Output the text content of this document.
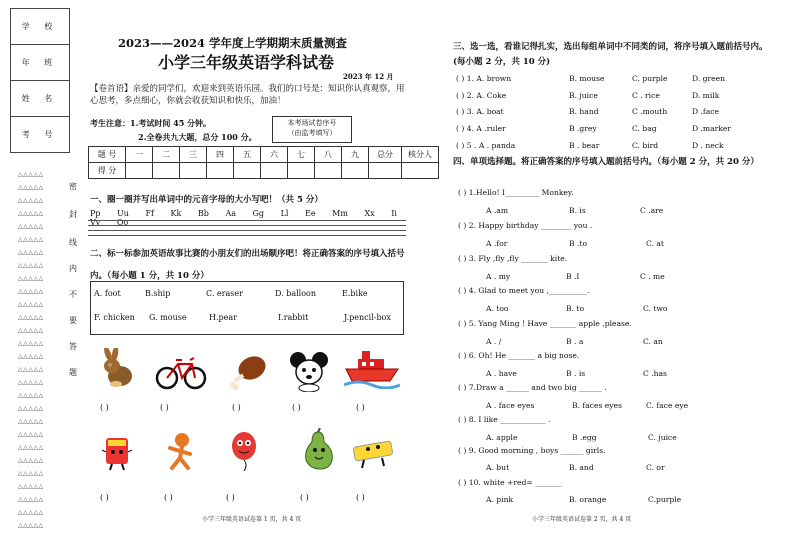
学 校
年 班
姓 名
考 号
△△△△△
△△△△△
△△△△△
△△△△△
△△△△△
△△△△△
△△△△△
△△△△△
△△△△△
△△△△△
△△△△△
△△△△△
△△△△△
△△△△△
△△△△△
△△△△△
△△△△△
△△△△△
△△△△△
△△△△△
△△△△△
△△△△△
△△△△△
△△△△△
△△△△△
△△△△△
△△△△△
△△△△△
密
封
线
内
不
要
答
题
2023——2024 学年度上学期期末质量测查
小学三年级英语学科试卷
2023 年 12 月
【卷首语】亲爱的同学们，欢迎来到英语乐园。我们的口号是：知识你认真观察，用心思考，多点细心，你就会收获知识和快乐，加油！
考生注意：1.考试时间 45 分钟。
2.全卷共九大题，总分 100 分。
本考场试卷序号
（由监考填写）
题 号	一	二	三	四	五	六	七	八	九	总分	核分人
得 分											
一、圈一圈并写出单词中的元音字母的大小写吧！（共 5 分）
Pp Uu Ff Kk Bb Aa Gg Ll Ee Mm Xx Ii Vv Oo
二、标一标参加英语故事比赛的小朋友们的出场顺序吧！将正确答案的序号填入括号内。（每小题 1 分，共 10 分）
A. foot	B.ship	C. eraser	D. balloon	E.bike
F. chicken G. mouse	H.pear	I.rabbit	J.pencil-box
( )	( )	( )	( )	( )
( )	( )	( )	( )	( )
小学三年级英语试卷第 1 页，共 4 页
三、选一选，看谁记得扎实，选出每组单词中不同类的词，将序号填入题前括号内。(每小题 2 分，共 10 分)
( ) 1. A. brown	B. mouse	C. purple	D. green
( ) 2. A. Coke	B. juice	C . rice	D. milk
( ) 3. A. boat	B. hand	C .mouth	D .face
( ) 4. A .ruler	B .grey	C. bag	D .marker
( ) 5 . A . panda	B . bear	C. bird	D . neck
四、单项选择题。将正确答案的序号填入题前括号内。（每小题 2 分，共 20 分）
( ) 1.Hello! I_________ Monkey.
A .am	B. is	C .are
( ) 2. Happy birthday ________ you .
A .for	B .to	C. at
( ) 3. Fly ,fly ,fly _______ kite.
A . my	B .I	C . me
( ) 4. Glad to meet you ,__________.
A. too	B. to	C. two
( ) 5. Yang Ming ! Have _______ apple ,please.
A . /	B . a	C. an
( ) 6. Oh! He _______ a big nose.
A . have	B . is	C .has
( ) 7.Draw a ______ and two big ______ .
A . face eyes	B. faces eyes	C. face eye
( ) 8. I like ____________ .
A. apple	B .egg	C. juice
( ) 9. Good morning , boys ______ girls.
A. but	B. and	C. or
( ) 10. white +red= _______
A. pink	B. orange	C.purple
小学三年级英语试卷第 2 页，共 4 页
